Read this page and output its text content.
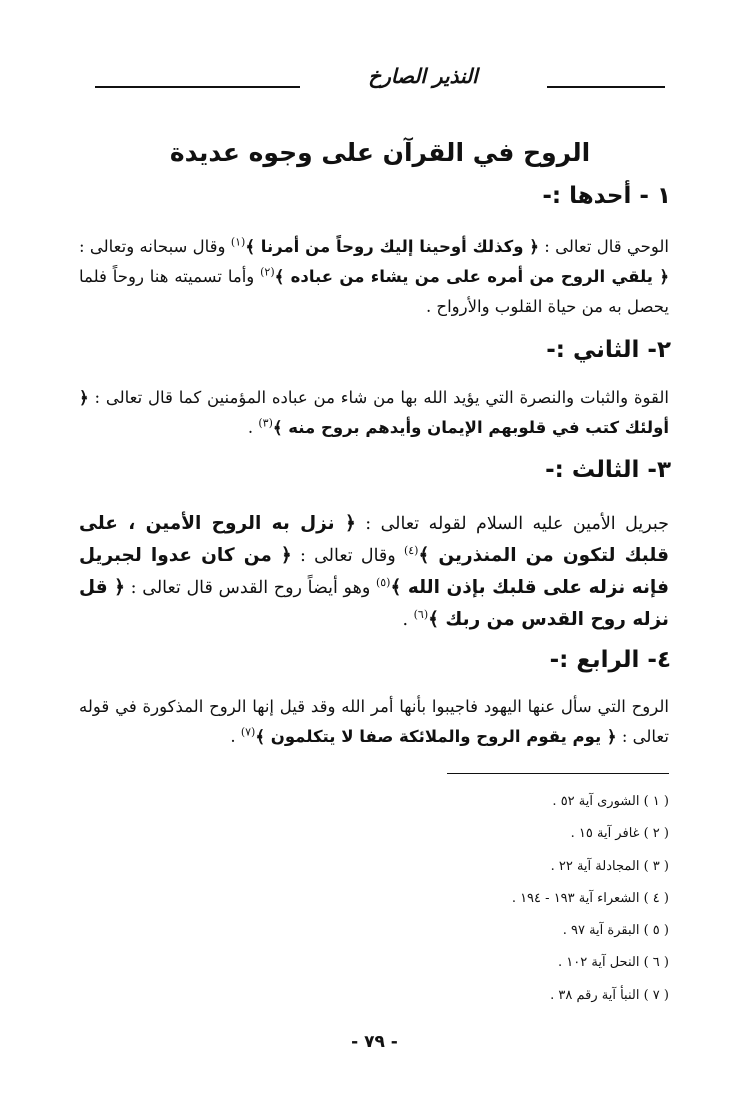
النذير الصارخ
الروح في القرآن على وجوه عديدة
١ - أحدها :-
الوحي قال تعالى : ﴿ وكذلك أوحينا إليك روحاً من أمرنا ﴾$^{(١)}$ وقال سبحانه وتعالى : ﴿ يلقي الروح من أمره على من يشاء من عباده ﴾$^{(٢)}$ وأما تسميته هنا روحاً فلما يحصل به من حياة القلوب والأرواح .
٢- الثاني :-
القوة والثبات والنصرة التي يؤيد الله بها من شاء من عباده المؤمنين كما قال تعالى : ﴿ أولئك كتب في قلوبهم الإيمان وأيدهم بروح منه ﴾$^{(٣)}$ .
٣- الثالث :-
جبريل الأمين عليه السلام لقوله تعالى : ﴿ نزل به الروح الأمين ، على قلبك لتكون من المنذرين ﴾$^{(٤)}$ وقال تعالى : ﴿ من كان عدوا لجبريل فإنه نزله على قلبك بإذن الله ﴾$^{(٥)}$ وهو أيضاً روح القدس قال تعالى : ﴿ قل نزله روح القدس من ربك ﴾$^{(٦)}$ .
٤- الرابع :-
الروح التي سأل عنها اليهود فاجيبوا بأنها أمر الله وقد قيل إنها الروح المذكورة في قوله تعالى : ﴿ يوم يقوم الروح والملائكة صفا لا يتكلمون ﴾$^{(٧)}$ .
( ١ ) الشورى آية ٥٢ .
( ٢ ) غافر آية ١٥ .
( ٣ ) المجادلة آية ٢٢ .
( ٤ ) الشعراء آية ١٩٣ - ١٩٤ .
( ٥ ) البقرة آية ٩٧ .
( ٦ ) النحل آية ١٠٢ .
( ٧ ) النبأ آية رقم ٣٨ .
- ٧٩ -
